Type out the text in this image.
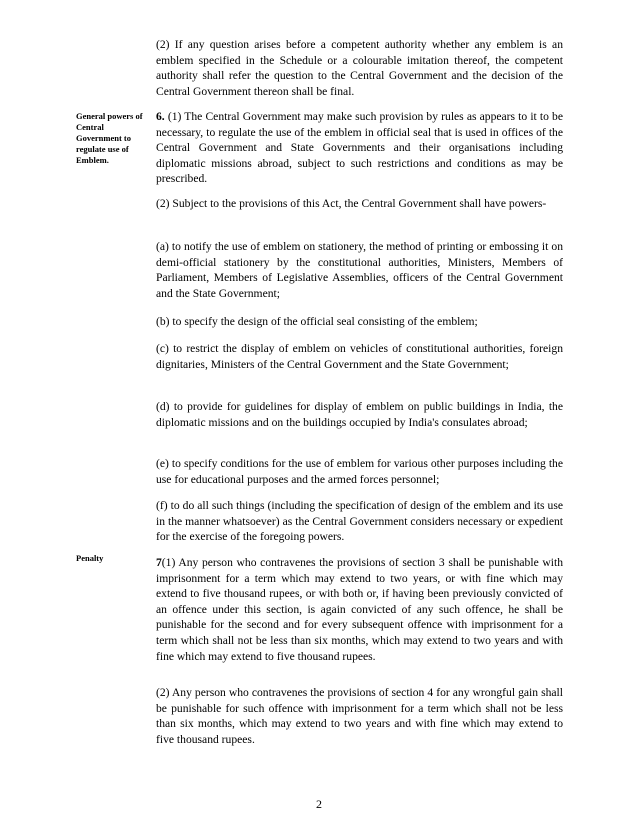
(2) If any question arises before a competent authority whether any emblem is an emblem specified in the Schedule or a colourable imitation thereof, the competent authority shall refer the question to the Central Government and the decision of the Central Government thereon shall be final.

General powers of Central Government to regulate use of Emblem.

6. (1) The Central Government may make such provision by rules as appears to it to be necessary, to regulate the use of the emblem in official seal that is used in offices of the Central Government and State Governments and their organisations including diplomatic missions abroad, subject to such restrictions and conditions as may be prescribed.

(2) Subject to the provisions of this Act, the Central Government shall have powers-

(a) to notify the use of emblem on stationery, the method of printing or embossing it on demi-official stationery by the constitutional authorities, Ministers, Members of Parliament, Members of Legislative Assemblies, officers of the Central Government and the State Government;

(b) to specify the design of the official seal consisting of the emblem;

(c) to restrict the display of emblem on vehicles of constitutional authorities, foreign dignitaries, Ministers of the Central Government and the State Government;

(d) to provide for guidelines for display of emblem on public buildings in India, the diplomatic missions and on the buildings occupied by India's consulates abroad;

(e) to specify conditions for the use of emblem for various other purposes including the use for educational purposes and the armed forces personnel;

(f) to do all such things (including the specification of design of the emblem and its use in the manner whatsoever) as the Central Government considers necessary or expedient for the exercise of the foregoing powers.

Penalty	7(1) Any person who contravenes the provisions of section 3 shall be punishable with imprisonment for a term which may extend to two years, or with fine which may extend to five thousand rupees, or with both or, if having been previously convicted of an offence under this section, is again convicted of any such offence, he shall be punishable for the second and for every subsequent offence with imprisonment for a term which shall not be less than six months, which may extend to two years and with fine which may extend to five thousand rupees.

(2) Any person who contravenes the provisions of section 4 for any wrongful gain shall be punishable for such offence with imprisonment for a term which shall not be less than six months, which may extend to two years and with fine which may extend to five thousand rupees.

2
